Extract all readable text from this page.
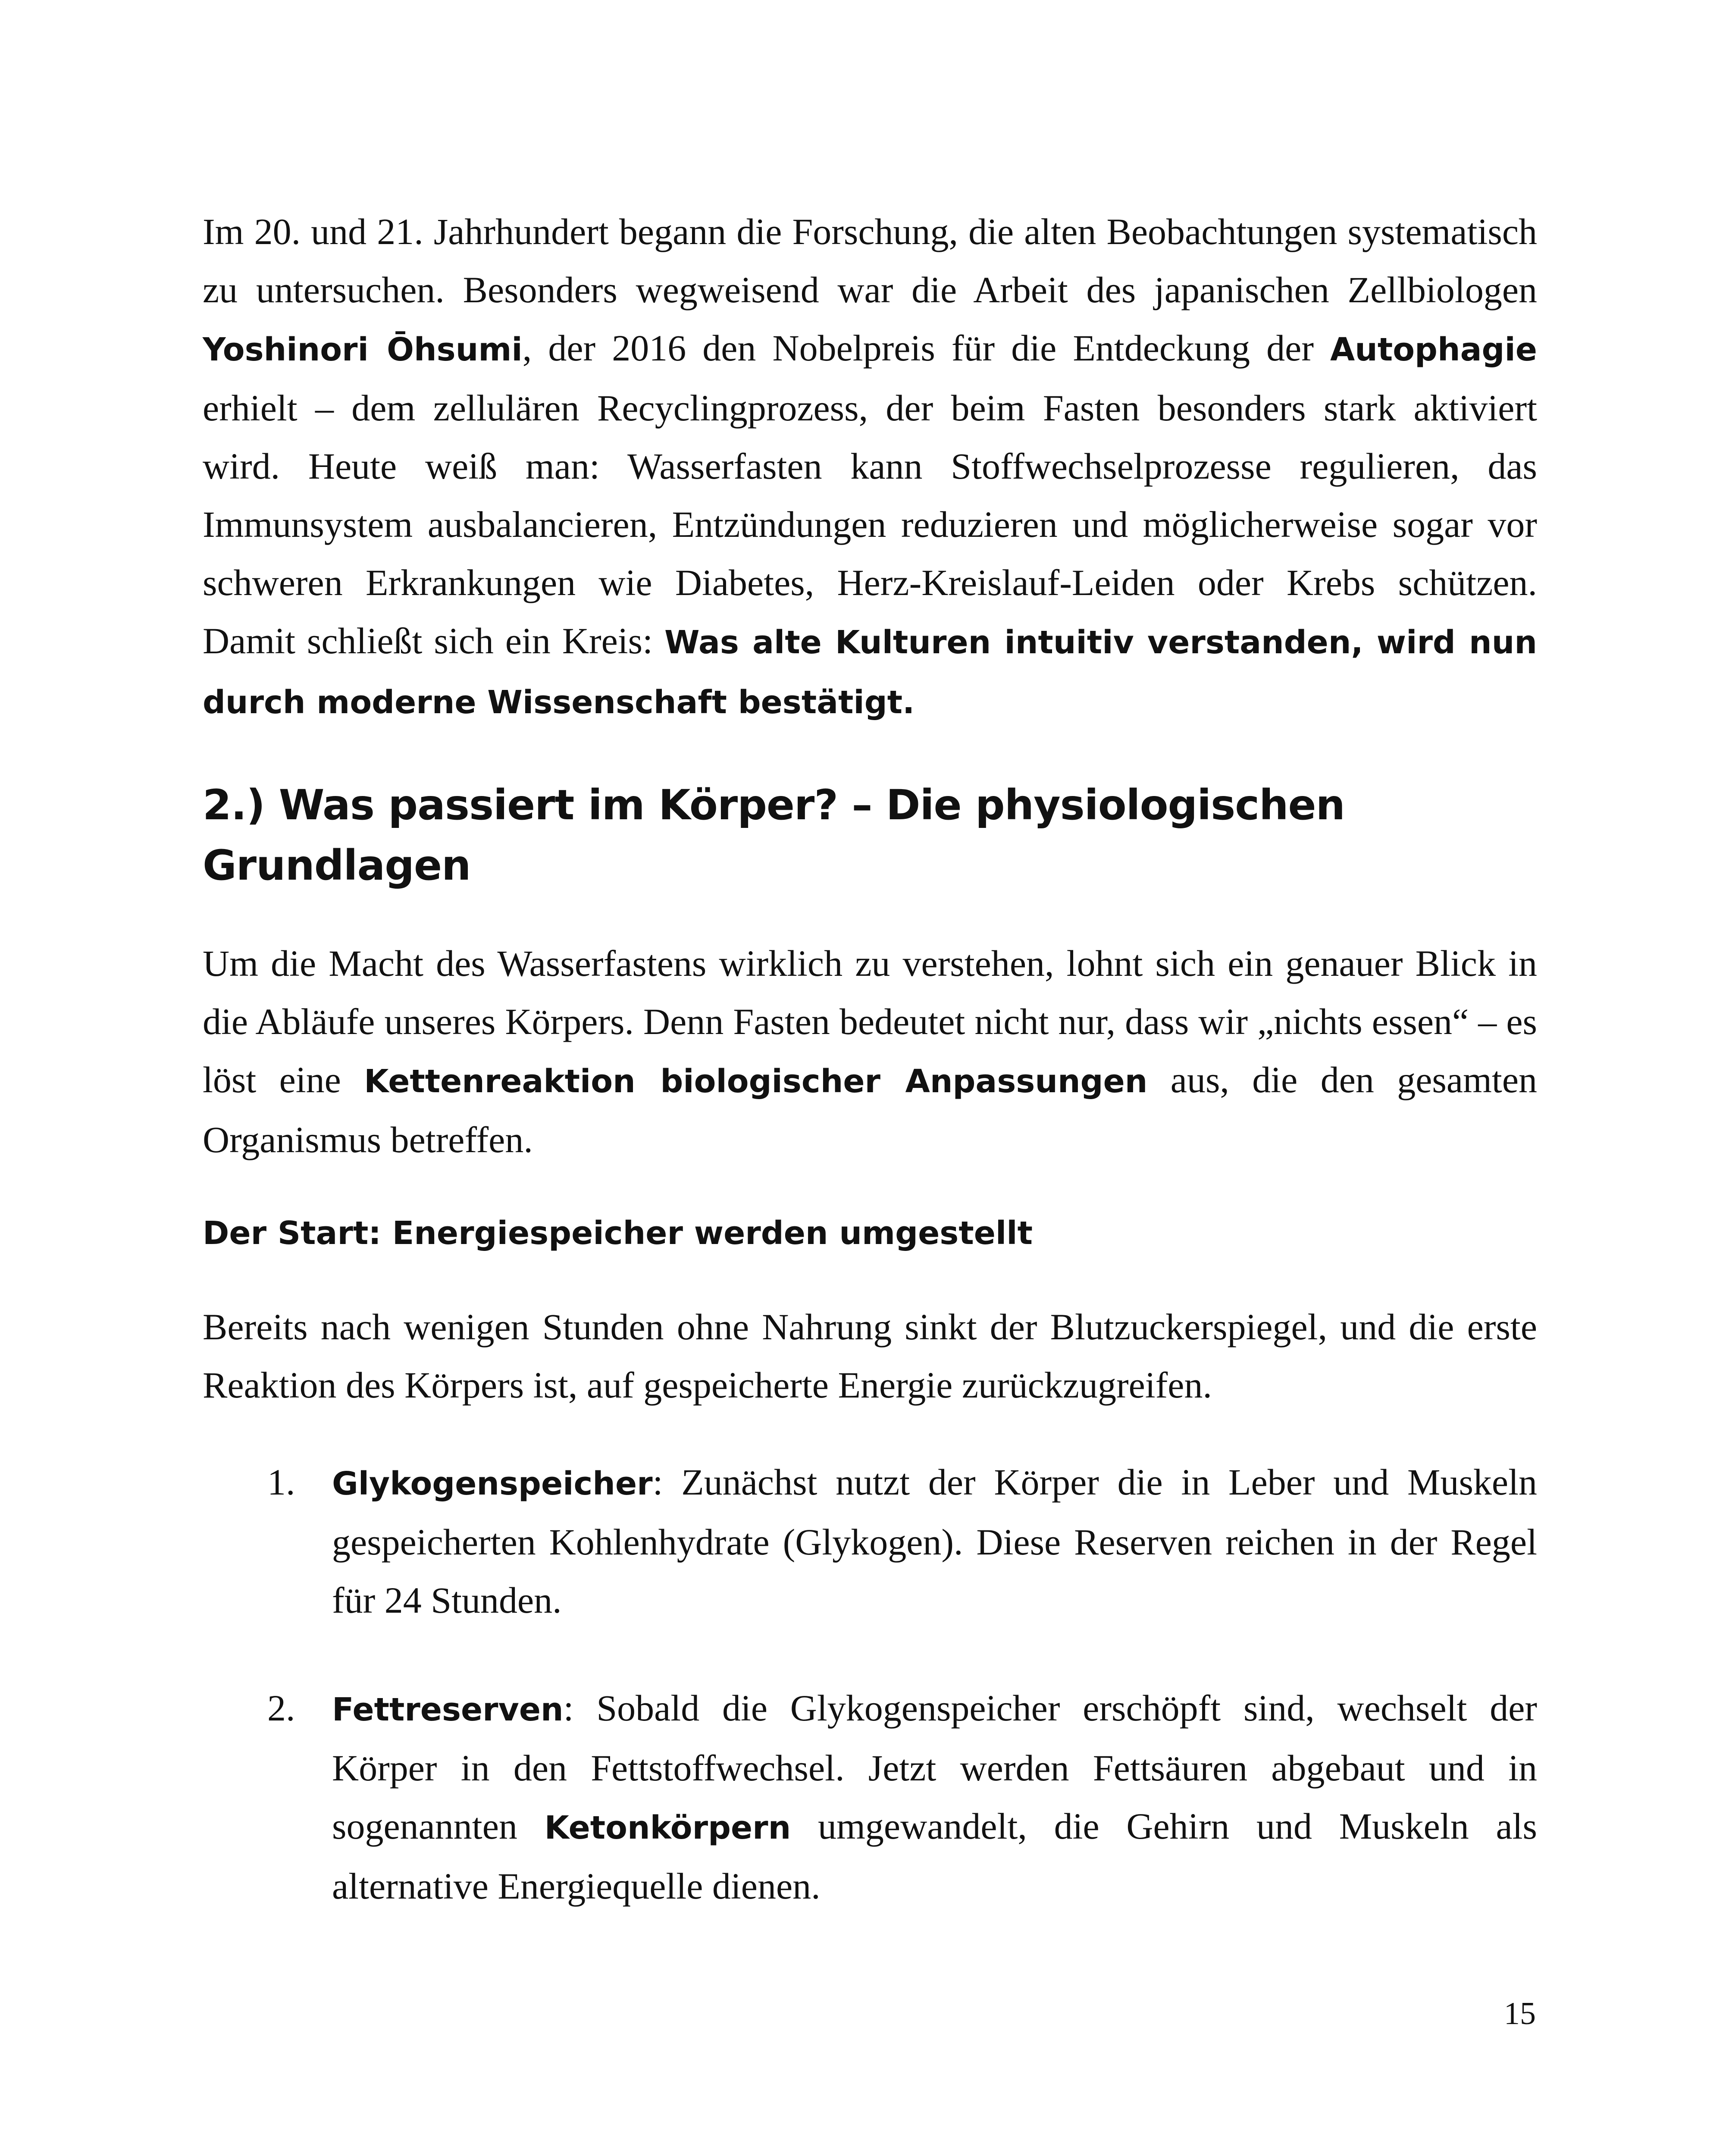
Im 20. und 21. Jahrhundert begann die Forschung, die alten Beobachtungen systematisch zu untersuchen. Besonders wegweisend war die Arbeit des japanischen Zellbiologen Yoshinori Ōhsumi, der 2016 den Nobelpreis für die Entdeckung der Autophagie erhielt – dem zellulären Recyclingprozess, der beim Fasten besonders stark aktiviert wird. Heute weiß man: Wasserfasten kann Stoffwechselprozesse regulieren, das Immunsystem ausbalancieren, Entzündungen reduzieren und möglicherweise sogar vor schweren Erkrankungen wie Diabetes, Herz-Kreislauf-Leiden oder Krebs schützen. Damit schließt sich ein Kreis: Was alte Kulturen intuitiv verstanden, wird nun durch moderne Wissenschaft bestätigt.

2.) Was passiert im Körper? – Die physiologischen Grundlagen

Um die Macht des Wasserfastens wirklich zu verstehen, lohnt sich ein genauer Blick in die Abläufe unseres Körpers. Denn Fasten bedeutet nicht nur, dass wir „nichts essen“ – es löst eine Kettenreaktion biologischer Anpassungen aus, die den gesamten Organismus betreffen.

Der Start: Energiespeicher werden umgestellt

Bereits nach wenigen Stunden ohne Nahrung sinkt der Blutzuckerspiegel, und die erste Reaktion des Körpers ist, auf gespeicherte Energie zurückzugreifen.

1. Glykogenspeicher: Zunächst nutzt der Körper die in Leber und Muskeln gespeicherten Kohlenhydrate (Glykogen). Diese Reserven reichen in der Regel für 24 Stunden.

2. Fettreserven: Sobald die Glykogenspeicher erschöpft sind, wechselt der Körper in den Fettstoffwechsel. Jetzt werden Fettsäuren abgebaut und in sogenannten Ketonkörpern umgewandelt, die Gehirn und Muskeln als alternative Energiequelle dienen.

15
